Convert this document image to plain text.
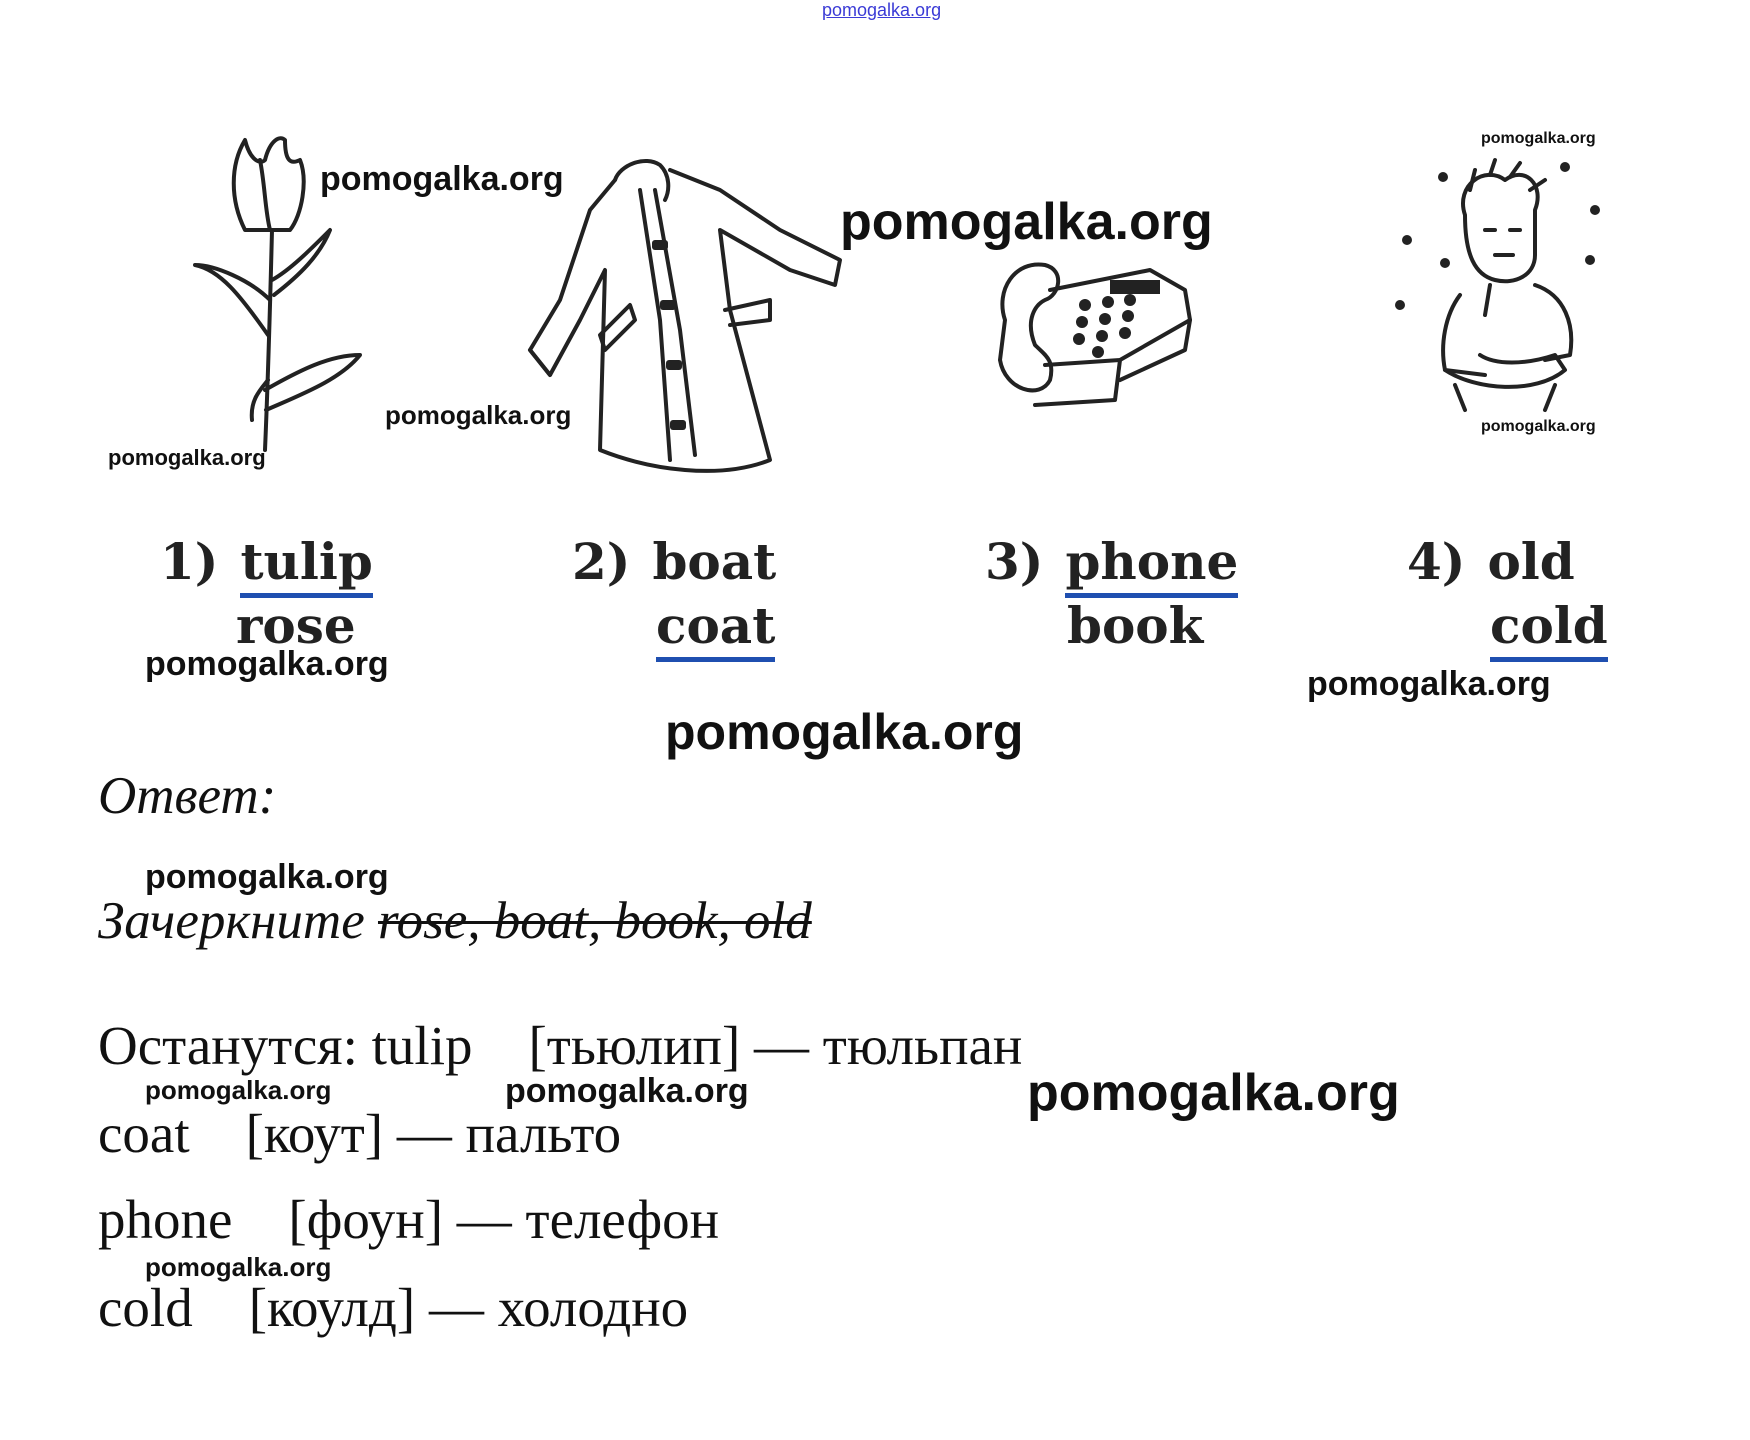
pomogalka.org
1) tulip
rose
2) boat
coat
3) phone
book
4) old
cold
Ответ:
Зачеркните rose, boat, book, old
Останутся: tulip [тьюлип] — тюльпан
coat [коут] — пальто
phone [фоун] — телефон
cold [коулд] — холодно
pomogalka.org
pomogalka.org
pomogalka.org
pomogalka.org
pomogalka.org
pomogalka.org
pomogalka.org
pomogalka.org
pomogalka.org
pomogalka.org
pomogalka.org	pomogalka.org	pomogalka.org
pomogalka.org
